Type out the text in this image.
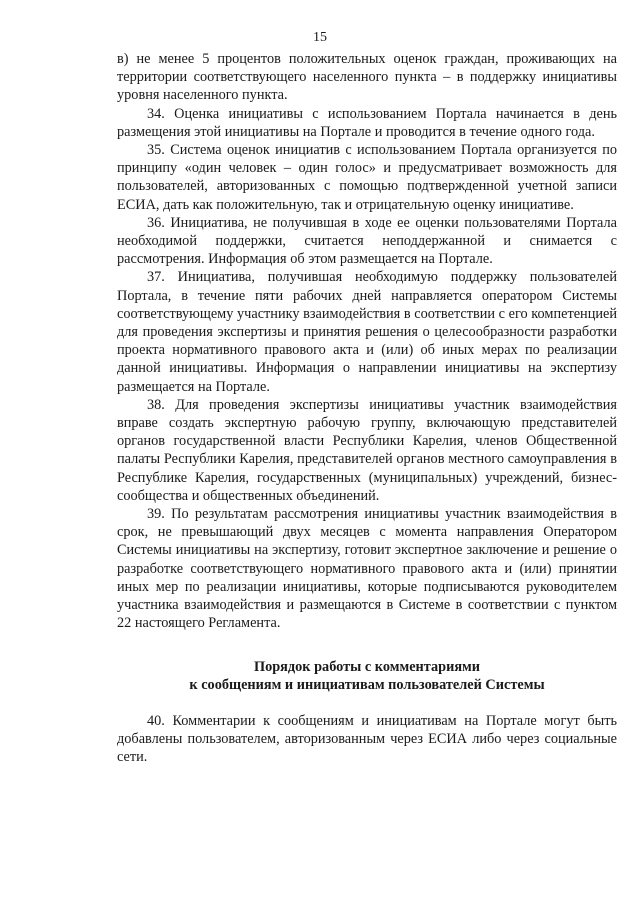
15

в) не менее 5 процентов положительных оценок граждан, проживающих на территории соответствующего населенного пункта – в поддержку инициативы уровня населенного пункта.

34. Оценка инициативы с использованием Портала начинается в день размещения этой инициативы на Портале и проводится в течение одного года.

35. Система оценок инициатив с использованием Портала организуется по принципу «один человек – один голос» и предусматривает возможность для пользователей, авторизованных с помощью подтвержденной учетной записи ЕСИА, дать как положительную, так и отрицательную оценку инициативе.

36. Инициатива, не получившая в ходе ее оценки пользователями Портала необходимой поддержки, считается неподдержанной и снимается с рассмотрения. Информация об этом размещается на Портале.

37. Инициатива, получившая необходимую поддержку пользователей Портала, в течение пяти рабочих дней направляется оператором Системы соответствующему участнику взаимодействия в соответствии с его компетенцией для проведения экспертизы и принятия решения о целесообразности разработки проекта нормативного правового акта и (или) об иных мерах по реализации данной инициативы. Информация о направлении инициативы на экспертизу размещается на Портале.

38. Для проведения экспертизы инициативы участник взаимодействия вправе создать экспертную рабочую группу, включающую представителей органов государственной власти Республики Карелия, членов Общественной палаты Республики Карелия, представителей органов местного самоуправления в Республике Карелия, государственных (муниципальных) учреждений, бизнес-сообщества и общественных объединений.

39. По результатам рассмотрения инициативы участник взаимодействия в срок, не превышающий двух месяцев с момента направления Оператором Системы инициативы на экспертизу, готовит экспертное заключение и решение о разработке соответствующего нормативного правового акта и (или) принятии иных мер по реализации инициативы, которые подписываются руководителем участника взаимодействия и размещаются в Системе в соответствии с пунктом 22 настоящего Регламента.

Порядок работы с комментариями
к сообщениям и инициативам пользователей Системы

40. Комментарии к сообщениям и инициативам на Портале могут быть добавлены пользователем, авторизованным через ЕСИА либо через социальные сети.
